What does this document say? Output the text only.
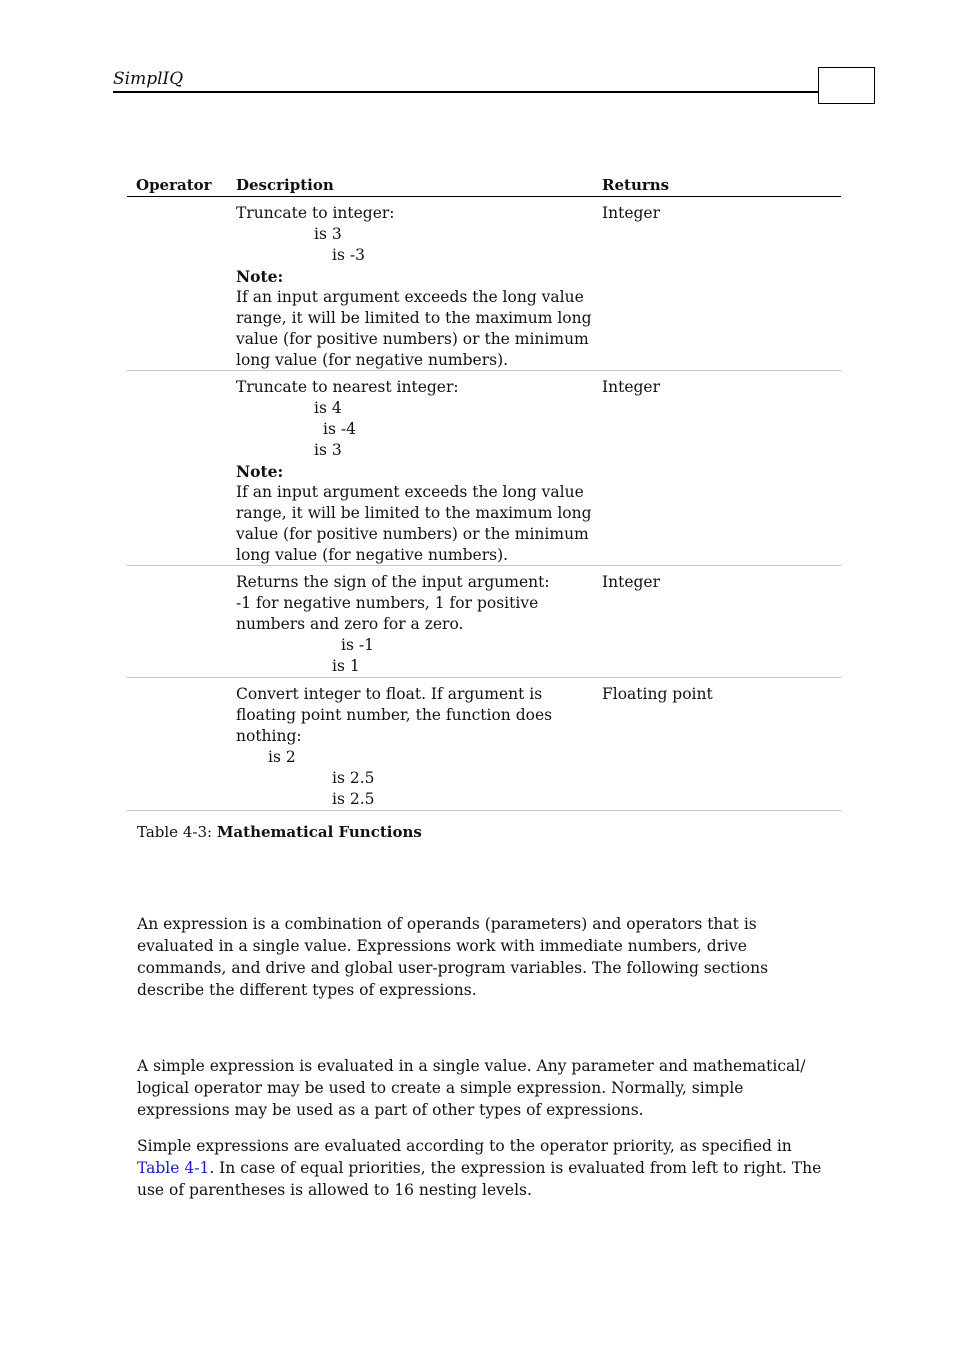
SimplIQ
Operator Description	Returns
Truncate to integer:
is 3
is -3
Note:
If an input argument exceeds the long value
range, it will be limited to the maximum long
value (for positive numbers) or the minimum
long value (for negative numbers).
Integer
Truncate to nearest integer:
is 4
is -4
is 3
Note:
If an input argument exceeds the long value
range, it will be limited to the maximum long
value (for positive numbers) or the minimum
long value (for negative numbers).
Integer
Returns the sign of the input argument:
-1 for negative numbers, 1 for positive
numbers and zero for a zero.
is -1
is 1
Integer
Convert integer to float. If argument is
floating point number, the function does
nothing:
is 2
is 2.5
is 2.5
Floating point
Table 4-3: Mathematical Functions
An expression is a combination of operands (parameters) and operators that is evaluated in a single value. Expressions work with immediate numbers, drive commands, and drive and global user-program variables. The following sections describe the different types of expressions.
A simple expression is evaluated in a single value. Any parameter and mathematical/ logical operator may be used to create a simple expression. Normally, simple expressions may be used as a part of other types of expressions.
Simple expressions are evaluated according to the operator priority, as specified in Table 4-1. In case of equal priorities, the expression is evaluated from left to right. The use of parentheses is allowed to 16 nesting levels.
